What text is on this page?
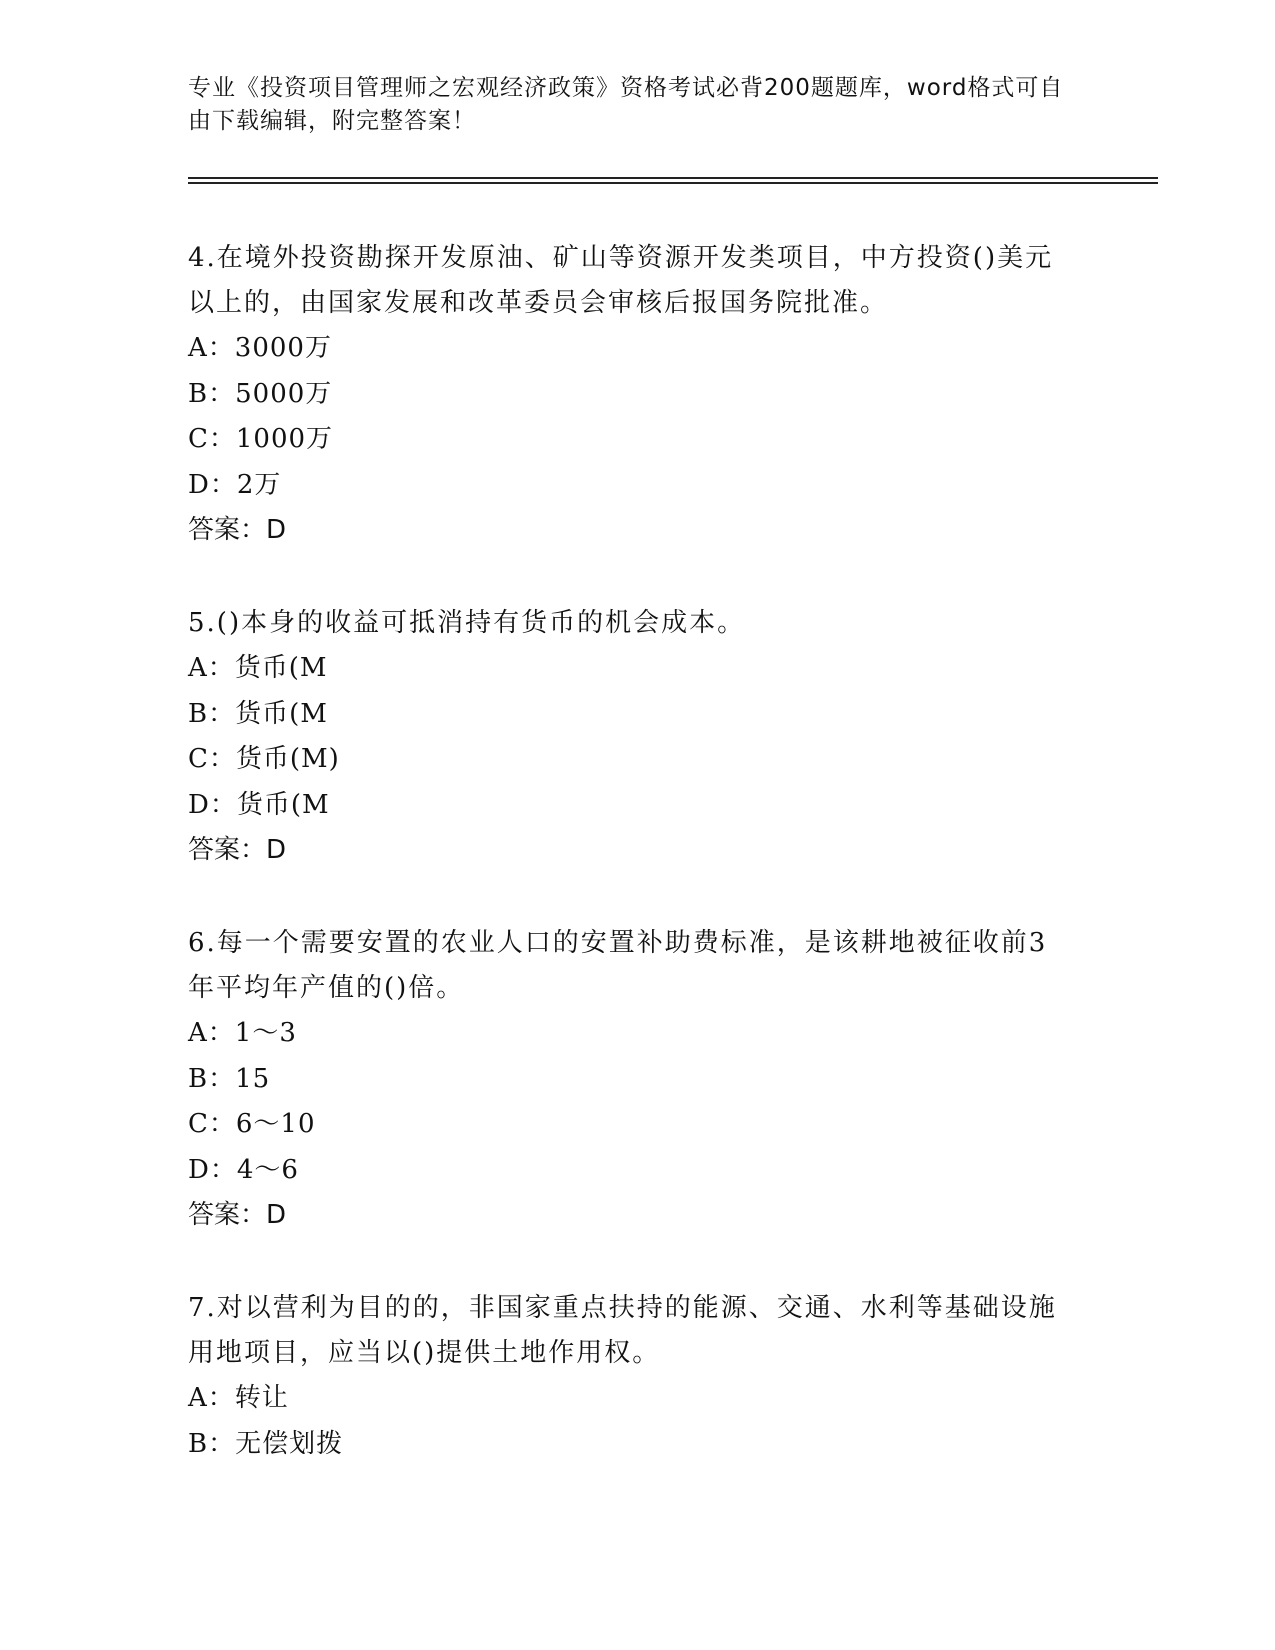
专业《投资项目管理师之宏观经济政策》资格考试必背200题题库，word格式可自由下载编辑，附完整答案！

4.在境外投资勘探开发原油、矿山等资源开发类项目，中方投资()美元以上的，由国家发展和改革委员会审核后报国务院批准。

A：3000万

B：5000万

C：1000万

D：2万

答案：D

5.()本身的收益可抵消持有货币的机会成本。

A：货币(M

B：货币(M

C：货币(M)

D：货币(M

答案：D

6.每一个需要安置的农业人口的安置补助费标准，是该耕地被征收前3年平均年产值的()倍。

A：1～3

B：15

C：6～10

D：4～6

答案：D

7.对以营利为目的的，非国家重点扶持的能源、交通、水利等基础设施用地项目，应当以()提供土地作用权。

A：转让

B：无偿划拨
